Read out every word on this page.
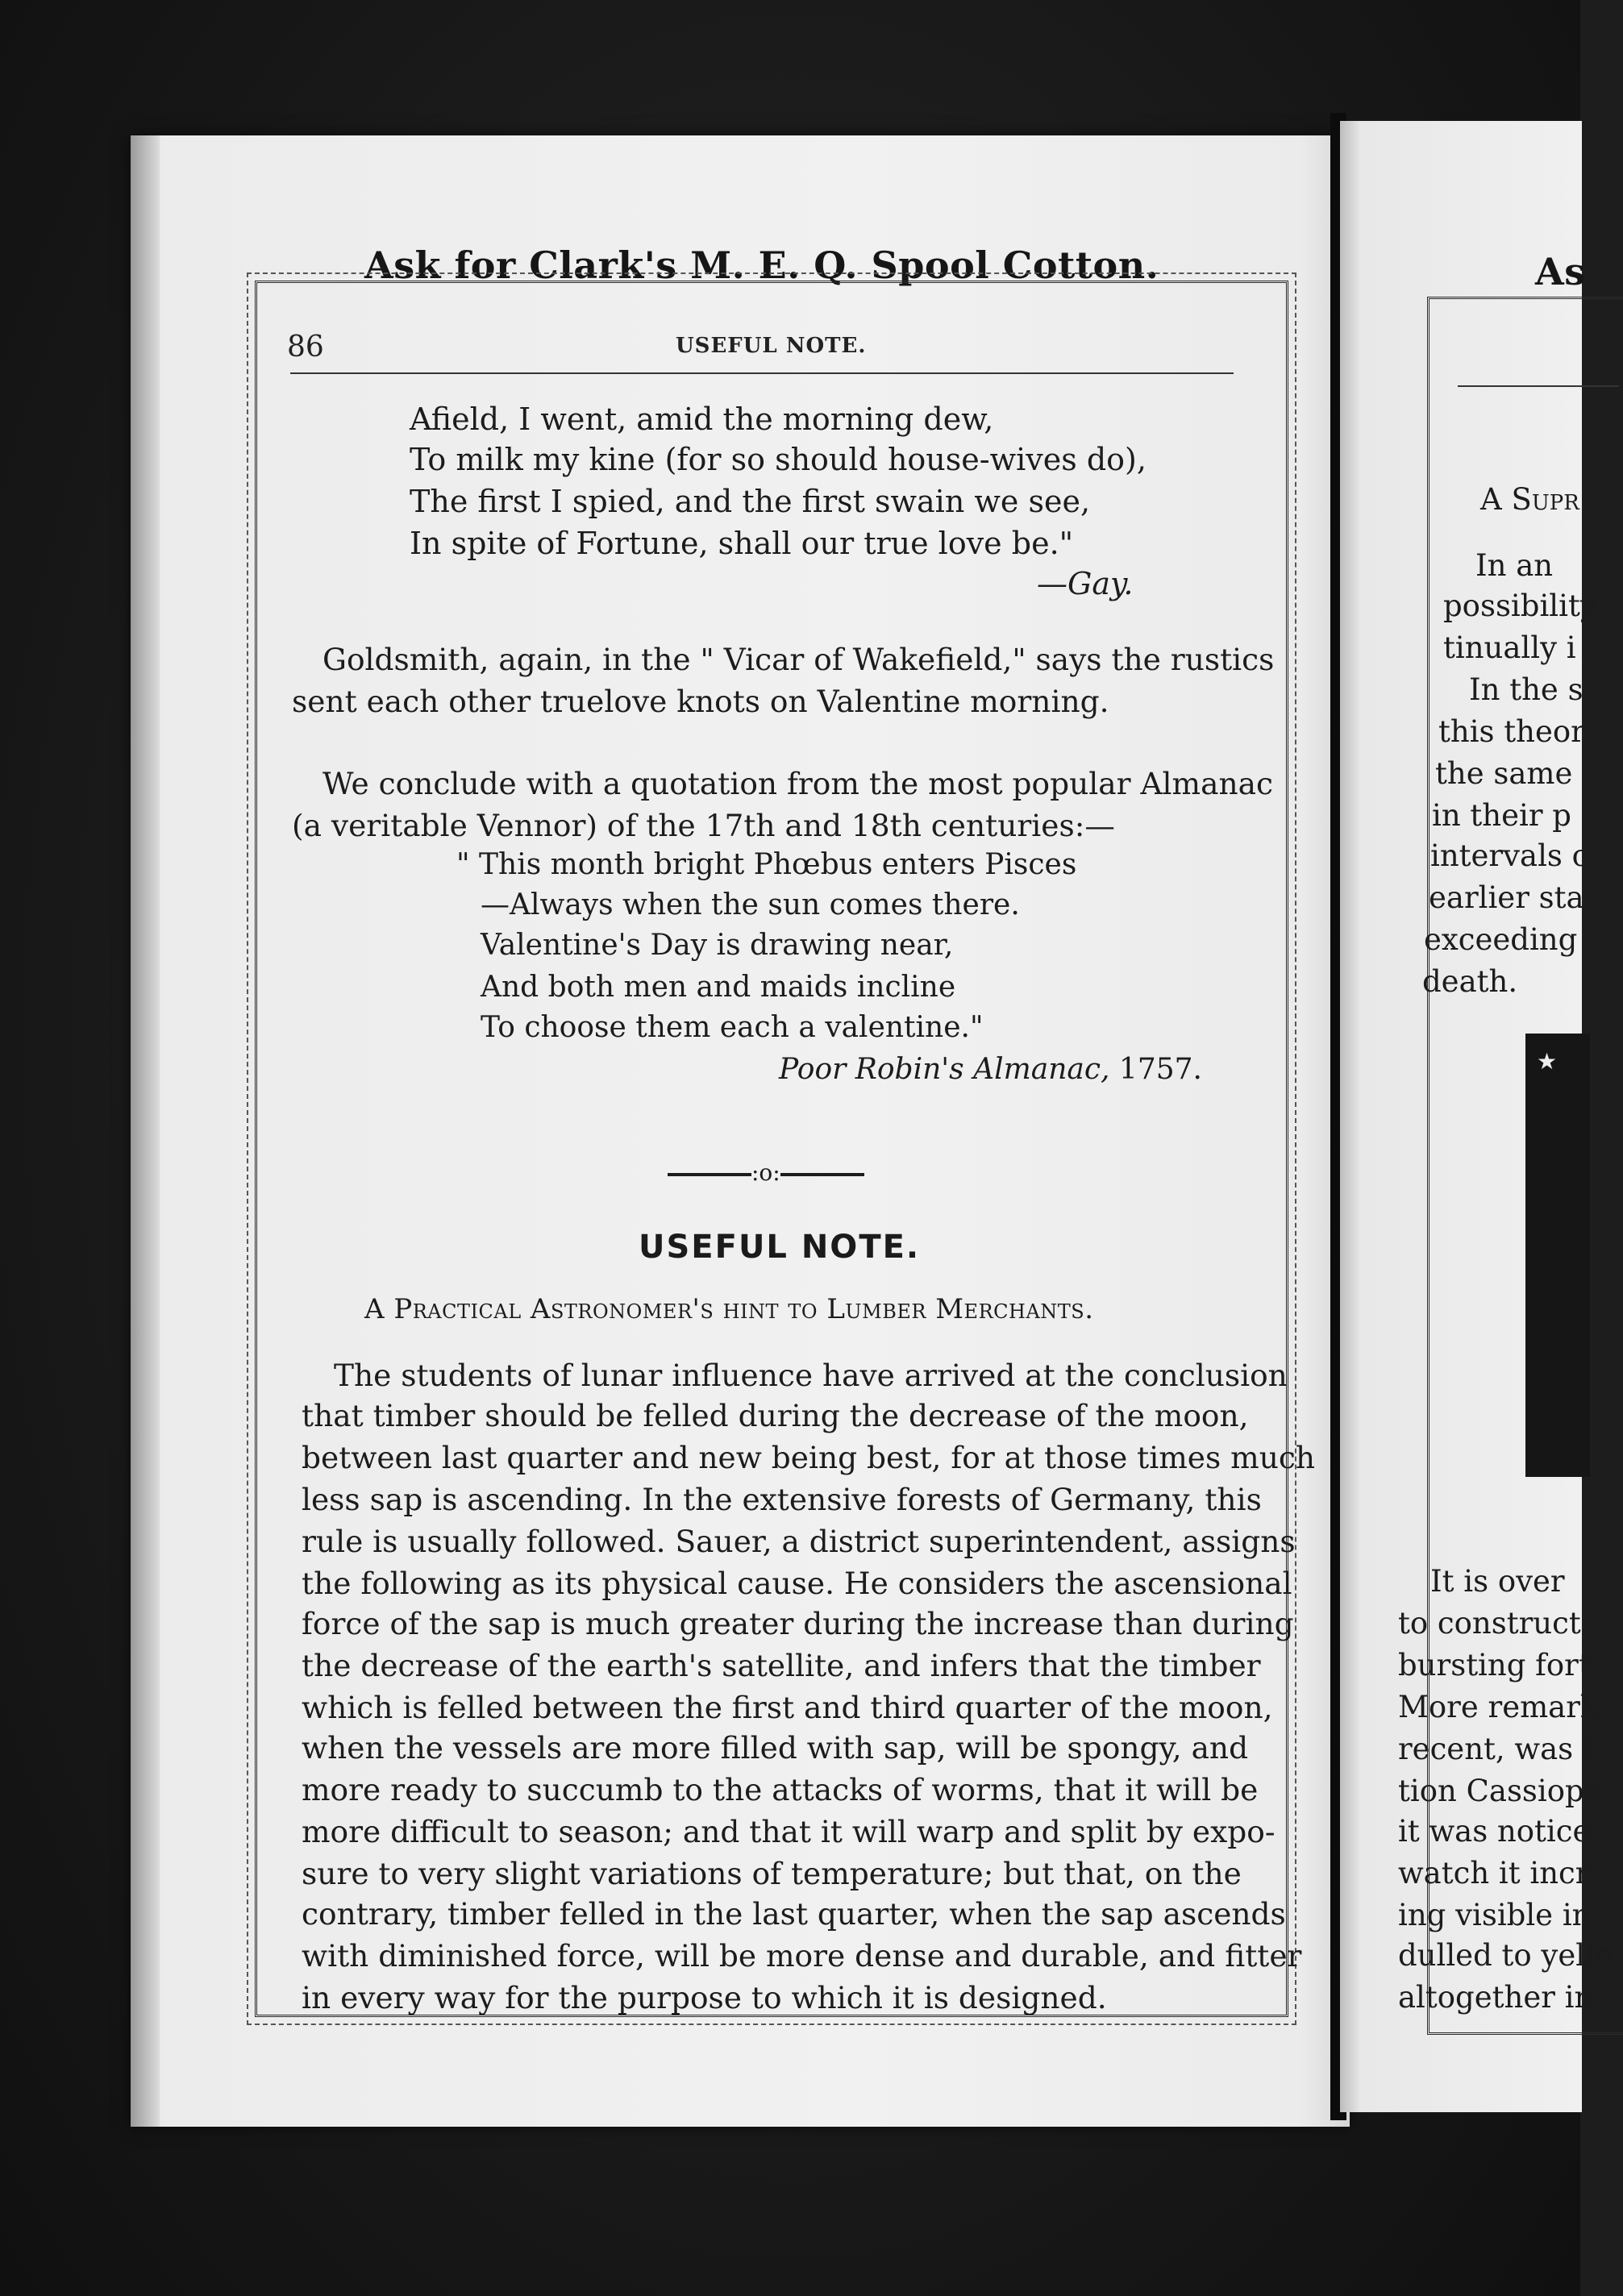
Ask for Clark's M. E. Q. Spool Cotton.
86	USEFUL NOTE.
Afield, I went, amid the morning dew,
To milk my kine (for so should house-wives do),
The first I spied, and the first swain we see,
In spite of Fortune, shall our true love be."
—Gay.
Goldsmith, again, in the " Vicar of Wakefield," says the rustics
sent each other truelove knots on Valentine morning.
We conclude with a quotation from the most popular Almanac
(a veritable Vennor) of the 17th and 18th centuries:—
" This month bright Phœbus enters Pisces
—Always when the sun comes there.
Valentine's Day is drawing near,
And both men and maids incline
To choose them each a valentine."
Poor Robin's Almanac, 1757.
:o:
USEFUL NOTE.
A Practical Astronomer's hint to Lumber Merchants.
The students of lunar influence have arrived at the conclusion
that timber should be felled during the decrease of the moon,
between last quarter and new being best, for at those times much
less sap is ascending. In the extensive forests of Germany, this
rule is usually followed. Sauer, a district superintendent, assigns
the following as its physical cause. He considers the ascensional
force of the sap is much greater during the increase than during
the decrease of the earth's satellite, and infers that the timber
which is felled between the first and third quarter of the moon,
when the vessels are more filled with sap, will be spongy, and
more ready to succumb to the attacks of worms, that it will be
more difficult to season; and that it will warp and split by expo-
sure to very slight variations of temperature; but that, on the
contrary, timber felled in the last quarter, when the sap ascends
with diminished force, will be more dense and durable, and fitter
in every way for the purpose to which it is designed.
As
A Supr
In an
possibility
tinually i
In the s
this theor
the same
in their p
intervals c
earlier sta
exceeding
death.
★
It is over
to construct
bursting fort
More remark
recent, was t
tion Cassiope
it was notice
watch it incr
ing visible in
dulled to yello
altogether in
